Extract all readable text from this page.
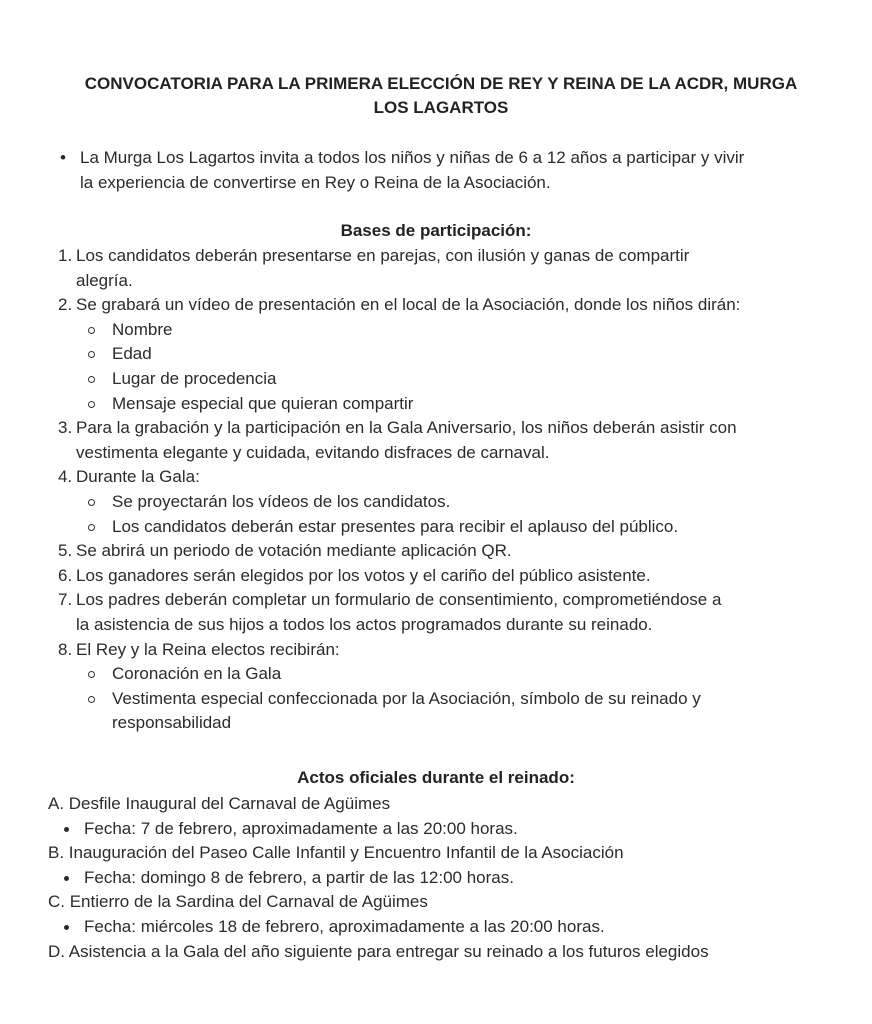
CONVOCATORIA PARA LA PRIMERA ELECCIÓN DE REY Y REINA DE LA ACDR, MURGA
LOS LAGARTOS
• La Murga Los Lagartos invita a todos los niños y niñas de 6 a 12 años a participar y vivir
la experiencia de convertirse en Rey o Reina de la Asociación.
Bases de participación:
1. Los candidatos deberán presentarse en parejas, con ilusión y ganas de compartir
alegría.
2. Se grabará un vídeo de presentación en el local de la Asociación, donde los niños dirán:
Nombre
Edad
Lugar de procedencia
Mensaje especial que quieran compartir
3. Para la grabación y la participación en la Gala Aniversario, los niños deberán asistir con
vestimenta elegante y cuidada, evitando disfraces de carnaval.
4. Durante la Gala:
Se proyectarán los vídeos de los candidatos.
Los candidatos deberán estar presentes para recibir el aplauso del público.
5. Se abrirá un periodo de votación mediante aplicación QR.
6. Los ganadores serán elegidos por los votos y el cariño del público asistente.
7. Los padres deberán completar un formulario de consentimiento, comprometiéndose a
la asistencia de sus hijos a todos los actos programados durante su reinado.
8. El Rey y la Reina electos recibirán:
Coronación en la Gala
Vestimenta especial confeccionada por la Asociación, símbolo de su reinado y
responsabilidad
Actos oficiales durante el reinado:
A. Desfile Inaugural del Carnaval de Agüimes
Fecha: 7 de febrero, aproximadamente a las 20:00 horas.
B. Inauguración del Paseo Calle Infantil y Encuentro Infantil de la Asociación
Fecha: domingo 8 de febrero, a partir de las 12:00 horas.
C. Entierro de la Sardina del Carnaval de Agüimes
Fecha: miércoles 18 de febrero, aproximadamente a las 20:00 horas.
D. Asistencia a la Gala del año siguiente para entregar su reinado a los futuros elegidos
